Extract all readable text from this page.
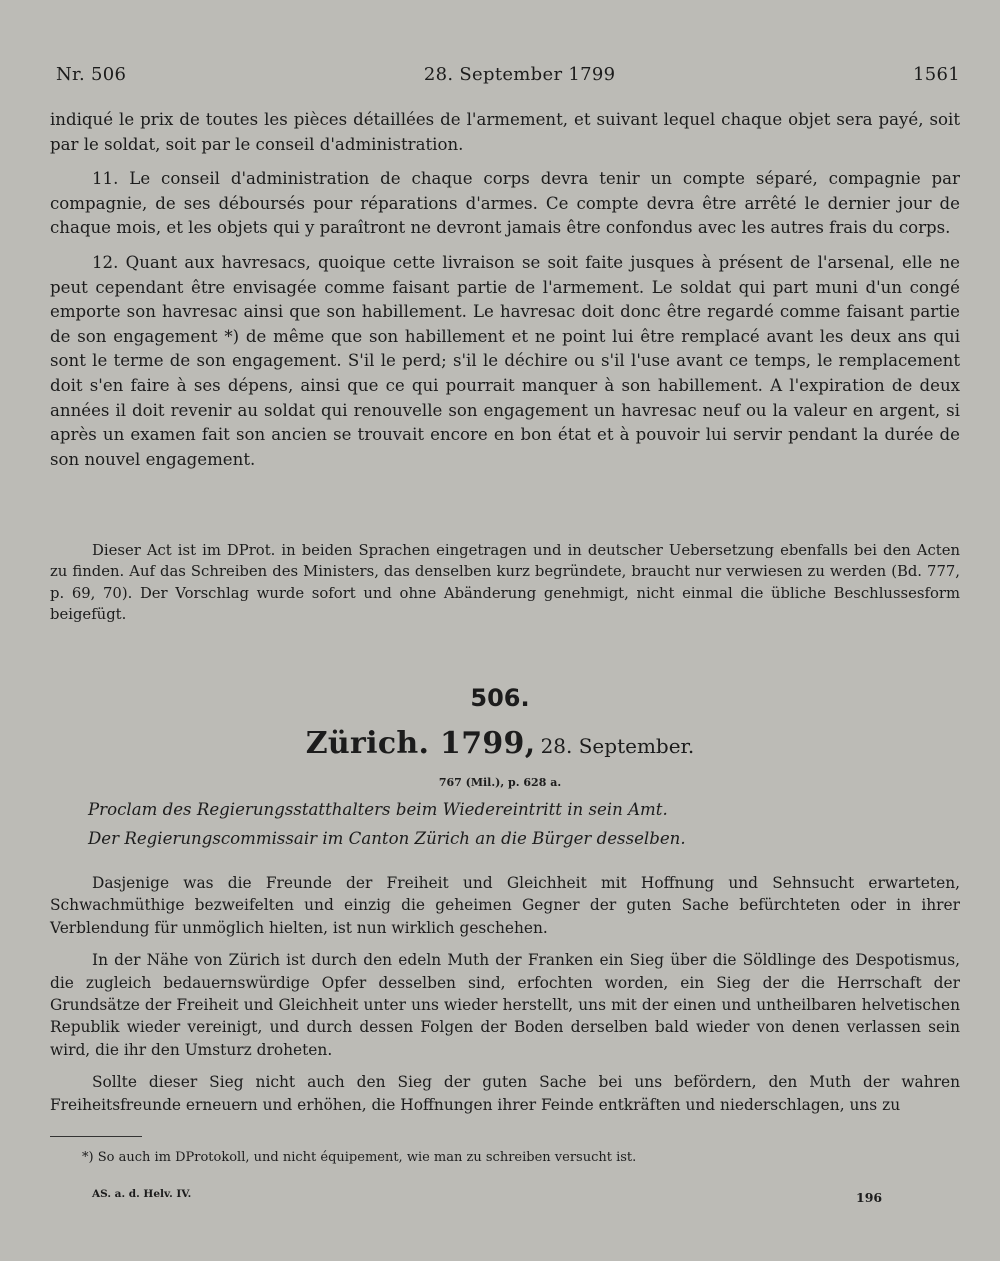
Nr. 506	28. September 1799	1561

indiqué le prix de toutes les pièces détaillées de l'armement, et suivant lequel chaque objet sera payé, soit par le soldat, soit par le conseil d'administration.

11. Le conseil d'administration de chaque corps devra tenir un compte séparé, compagnie par compagnie, de ses déboursés pour réparations d'armes. Ce compte devra être arrêté le dernier jour de chaque mois, et les objets qui y paraîtront ne devront jamais être confondus avec les autres frais du corps.

12. Quant aux havresacs, quoique cette livraison se soit faite jusques à présent de l'arsenal, elle ne peut cependant être envisagée comme faisant partie de l'armement. Le soldat qui part muni d'un congé emporte son havresac ainsi que son habillement. Le havresac doit donc être regardé comme faisant partie de son engagement *) de même que son habillement et ne point lui être remplacé avant les deux ans qui sont le terme de son engagement. S'il le perd; s'il le déchire ou s'il l'use avant ce temps, le remplacement doit s'en faire à ses dépens, ainsi que ce qui pourrait manquer à son habillement. A l'expiration de deux années il doit revenir au soldat qui renouvelle son engagement un havresac neuf ou la valeur en argent, si après un examen fait son ancien se trouvait encore en bon état et à pouvoir lui servir pendant la durée de son nouvel engagement.

Dieser Act ist im DProt. in beiden Sprachen eingetragen und in deutscher Uebersetzung ebenfalls bei den Acten zu finden. Auf das Schreiben des Ministers, das denselben kurz begründete, braucht nur verwiesen zu werden (Bd. 777, p. 69, 70). Der Vorschlag wurde sofort und ohne Abänderung genehmigt, nicht einmal die übliche Beschlussesform beigefügt.

506.
Zürich. 1799, 28. September.
767 (Mil.), p. 628 a.

Proclam des Regierungsstatthalters beim Wiedereintritt in sein Amt.

Der Regierungscommissair im Canton Zürich an die Bürger desselben.

Dasjenige was die Freunde der Freiheit und Gleichheit mit Hoffnung und Sehnsucht erwarteten, Schwachmüthige bezweifelten und einzig die geheimen Gegner der guten Sache befürchteten oder in ihrer Verblendung für unmöglich hielten, ist nun wirklich geschehen.

In der Nähe von Zürich ist durch den edeln Muth der Franken ein Sieg über die Söldlinge des Despotismus, die zugleich bedauernswürdige Opfer desselben sind, erfochten worden, ein Sieg der die Herrschaft der Grundsätze der Freiheit und Gleichheit unter uns wieder herstellt, uns mit der einen und untheilbaren helvetischen Republik wieder vereinigt, und durch dessen Folgen der Boden derselben bald wieder von denen verlassen sein wird, die ihr den Umsturz droheten.

Sollte dieser Sieg nicht auch den Sieg der guten Sache bei uns befördern, den Muth der wahren Freiheitsfreunde erneuern und erhöhen, die Hoffnungen ihrer Feinde entkräften und niederschlagen, uns zu

*) So auch im DProtokoll, und nicht équipement, wie man zu schreiben versucht ist.
AS. a. d. Helv. IV.	196
